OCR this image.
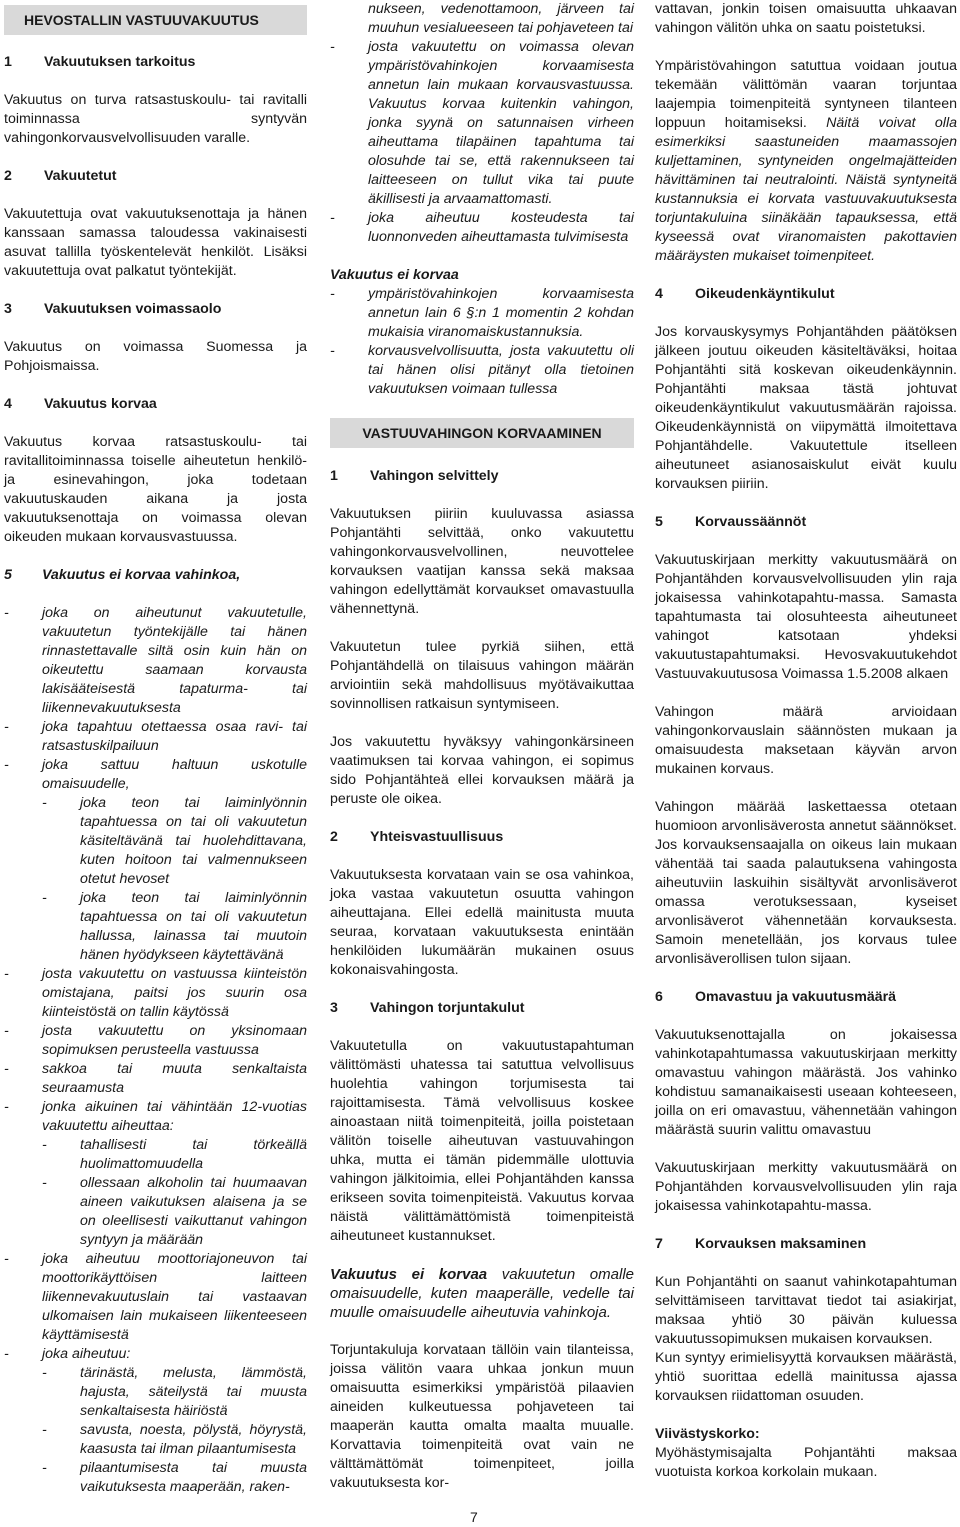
HEVOSTALLIN VASTUUVAKUUTUS
1	Vakuutuksen tarkoitus

Vakuutus on turva ratsastuskoulu- tai ravitalli toiminnassa syntyvän vahingonkorvausvelvollisuuden varalle.

2	Vakuutetut

Vakuutettuja ovat vakuutuksenottaja ja hänen kanssaan samassa taloudessa vakinaisesti asuvat tallilla työskentelevät henkilöt. Lisäksi vakuutettuja ovat palkatut työntekijät.

3	Vakuutuksen voimassaolo

Vakuutus on voimassa Suomessa ja Pohjoismaissa.

4	Vakuutus korvaa

Vakuutus korvaa ratsastuskoulu- tai ravitallitoiminnassa toiselle aiheutetun henkilö- ja esinevahingon, joka todetaan vakuutuskauden aikana ja josta vakuutuksenottaja on voimassa olevan oikeuden mukaan korvausvastuussa.

5	Vakuutus ei korvaa vahinkoa,
-	joka on aiheutunut vakuutetulle, vakuutetun työntekijälle tai hänen rinnastettavalle siltä osin kuin hän on oikeutettu saamaan korvausta lakisääteisestä tapaturma- tai liikennevakuutuksesta
-	joka tapahtuu otettaessa osaa ravi- tai ratsastuskilpailuun
-	joka sattuu haltuun uskotulle omaisuudelle,
-	joka teon tai laiminlyönnin tapahtuessa on tai oli vakuutetun käsiteltävänä tai huolehdittavana, kuten hoitoon tai valmennukseen otetut hevoset
-	joka teon tai laiminlyönnin tapahtuessa on tai oli vakuutetun hallussa, lainassa tai muutoin hänen hyödykseen käytettävänä
-	josta vakuutettu on vastuussa kiinteistön omistajana, paitsi jos suurin osa kiinteistöstä on tallin käytössä
-	josta vakuutettu on yksinomaan sopimuksen perusteella vastuussa
-	sakkoa tai muuta senkaltaista seuraamusta
-	jonka aikuinen tai vähintään 12-vuotias vakuutettu aiheuttaa:
-	tahallisesti tai törkeällä huolimattomuudella
-	ollessaan alkoholin tai huumaavan aineen vaikutuksen alaisena ja se on oleellisesti vaikuttanut vahingon syntyyn ja määrään
-	joka aiheutuu moottoriajoneuvon tai moottorikäyttöisen laitteen liikennevakuutuslain tai vastaavan ulkomaisen lain mukaiseen liikenteeseen käyttämisestä
-	joka aiheutuu:
-	tärinästä, melusta, lämmöstä, hajusta, säteilystä tai muusta senkaltaisesta häiriöstä
-	savusta, noesta, pölystä, höyrystä, kaasusta tai ilman pilaantumisesta
-	pilaantumisesta tai muusta vaikutuksesta maaperään, raken-

nukseen, vedenottamoon, järveen tai muuhun vesialueeseen tai pohjaveteen tai

-	josta vakuutettu on voimassa olevan ympäristövahinkojen korvaamisesta annetun lain mukaan korvausvastuussa. Vakuutus korvaa kuitenkin vahingon, jonka syynä on satunnaisen virheen aiheuttama tilapäinen tapahtuma tai olosuhde tai se, että rakennukseen tai laitteeseen on tullut vika tai puute äkillisesti ja arvaamattomasti.
-	joka aiheutuu kosteudesta tai luonnonveden aiheuttamasta tulvimisesta
Vakuutus ei korvaa
-	ympäristövahinkojen korvaamisesta annetun lain 6 §:n 1 momentin 2 kohdan mukaisia viranomaiskustannuksia.
-	korvausvelvollisuutta, josta vakuutettu oli tai hänen olisi pitänyt olla tietoinen vakuutuksen voimaan tullessa
VASTUUVAHINGON KORVAAMINEN
1	Vahingon selvittely

Vakuutuksen piiriin kuuluvassa asiassa Pohjantähti selvittää, onko vakuutettu vahingonkorvausvelvollinen, neuvottelee korvauksen vaatijan kanssa sekä maksaa vahingon edellyttämät korvaukset omavastuulla vähennettynä.

Vakuutetun tulee pyrkiä siihen, että Pohjantähdellä on tilaisuus vahingon määrän arviointiin sekä mahdollisuus myötävaikuttaa sovinnollisen ratkaisun syntymiseen.

Jos vakuutettu hyväksyy vahingonkärsineen vaatimuksen tai korvaa vahingon, ei sopimus sido Pohjantähteä ellei korvauksen määrä ja peruste ole oikea.

2	Yhteisvastuullisuus

Vakuutuksesta korvataan vain se osa vahinkoa, joka vastaa vakuutetun osuutta vahingon aiheuttajana. Ellei edellä mainitusta muuta seuraa, korvataan vakuutuksesta enintään henkilöiden lukumäärän mukainen osuus kokonaisvahingosta.

3	Vahingon torjuntakulut

Vakuutetulla on vakuutustapahtuman välittömästi uhatessa tai satuttua velvollisuus huolehtia vahingon torjumisesta tai rajoittamisesta. Tämä velvollisuus koskee ainoastaan niitä toimenpiteitä, joilla poistetaan välitön toiselle aiheutuvan vastuuvahingon uhka, mutta ei tämän pidemmälle ulottuvia vahingon jälkitoimia, ellei Pohjantähden kanssa erikseen sovita toimenpiteistä. Vakuutus korvaa näistä välittämättömistä toimenpiteistä aiheutuneet kustannukset.

Vakuutus ei korvaa vakuutetun omalle omaisuudelle, kuten maaperälle, vedelle tai muulle omaisuudelle aiheutuvia vahinkoja.

Torjuntakuluja korvataan tällöin vain tilanteissa, joissa välitön vaara uhkaa jonkun muun omaisuutta esimerkiksi ympäristöä pilaavien aineiden kulkeutuessa pohjaveteen tai maaperän kautta omalta maalta muualle. Korvattavia toimenpiteitä ovat vain ne välttämättömät toimenpiteet, joilla vakuutuksesta kor-

vattavan, jonkin toisen omaisuutta uhkaavan vahingon välitön uhka on saatu poistetuksi.

Ympäristövahingon satuttua voidaan joutua tekemään välittömän vaaran torjuntaa laajempia toimenpiteitä syntyneen tilanteen loppuun hoitamiseksi. Näitä voivat olla esimerkiksi saastuneiden maamassojen kuljettaminen, syntyneiden ongelmajätteiden hävittäminen tai neutralointi. Näistä syntyneitä kustannuksia ei korvata vastuuvakuutuksesta torjuntakuluina siinäkään tapauksessa, että kyseessä ovat viranomaisten pakottavien määräysten mukaiset toimenpiteet.

4	Oikeudenkäyntikulut

Jos korvauskysymys Pohjantähden päätöksen jälkeen joutuu oikeuden käsiteltäväksi, hoitaa Pohjantähti sitä koskevan oikeudenkäynnin. Pohjantähti maksaa tästä johtuvat oikeudenkäyntikulut vakuutusmäärän rajoissa. Oikeudenkäynnistä on viipymättä ilmoitettava Pohjantähdelle. Vakuutettule itselleen aiheutuneet asianosaiskulut eivät kuulu korvauksen piiriin.

5	Korvaussäännöt

Vakuutuskirjaan merkitty vakuutusmäärä on Pohjantähden korvausvelvollisuuden ylin raja jokaisessa vahinkotapahtu-massa. Samasta tapahtumasta tai olosuhteesta aiheutuneet vahingot katsotaan yhdeksi vakuutustapahtumaksi. Hevosvakuutukehdot Vastuuvakuutusosa Voimassa 1.5.2008 alkaen

Vahingon määrä arvioidaan vahingonkorvauslain säännösten mukaan ja omaisuudesta maksetaan käyvän arvon mukainen korvaus.

Vahingon määrää laskettaessa otetaan huomioon arvonlisäverosta annetut säännökset. Jos korvauksensaajalla on oikeus lain mukaan vähentää tai saada palautuksena vahingosta aiheutuviin laskuihin sisältyvät arvonlisäverot omassa verotuksessaan, kyseiset arvonlisäverot vähennetään korvauksesta. Samoin menetellään, jos korvaus tulee arvonlisäverollisen tulon sijaan.

6	Omavastuu ja vakuutusmäärä

Vakuutuksenottajalla on jokaisessa vahinkotapahtumassa vakuutuskirjaan merkitty omavastuu vahingon määrästä. Jos vahinko kohdistuu samanaikaisesti useaan kohteeseen, joilla on eri omavastuu, vähennetään vahingon määrästä suurin valittu omavastuu

Vakuutuskirjaan merkitty vakuutusmäärä on Pohjantähden korvausvelvollisuuden ylin raja jokaisessa vahinkotapahtu-massa.

7	Korvauksen maksaminen

Kun Pohjantähti on saanut vahinkotapahtuman selvittämiseen tarvittavat tiedot tai asiakirjat, maksaa yhtiö 30 päivän kuluessa vakuutussopimuksen mukaisen korvauksen.

Kun syntyy erimielisyyttä korvauksen määrästä, yhtiö suorittaa edellä mainitussa ajassa korvauksen riidattoman osuuden.

Viivästyskorko:

Myöhästymisajalta Pohjantähti maksaa vuotuista korkoa korkolain mukaan.

7
